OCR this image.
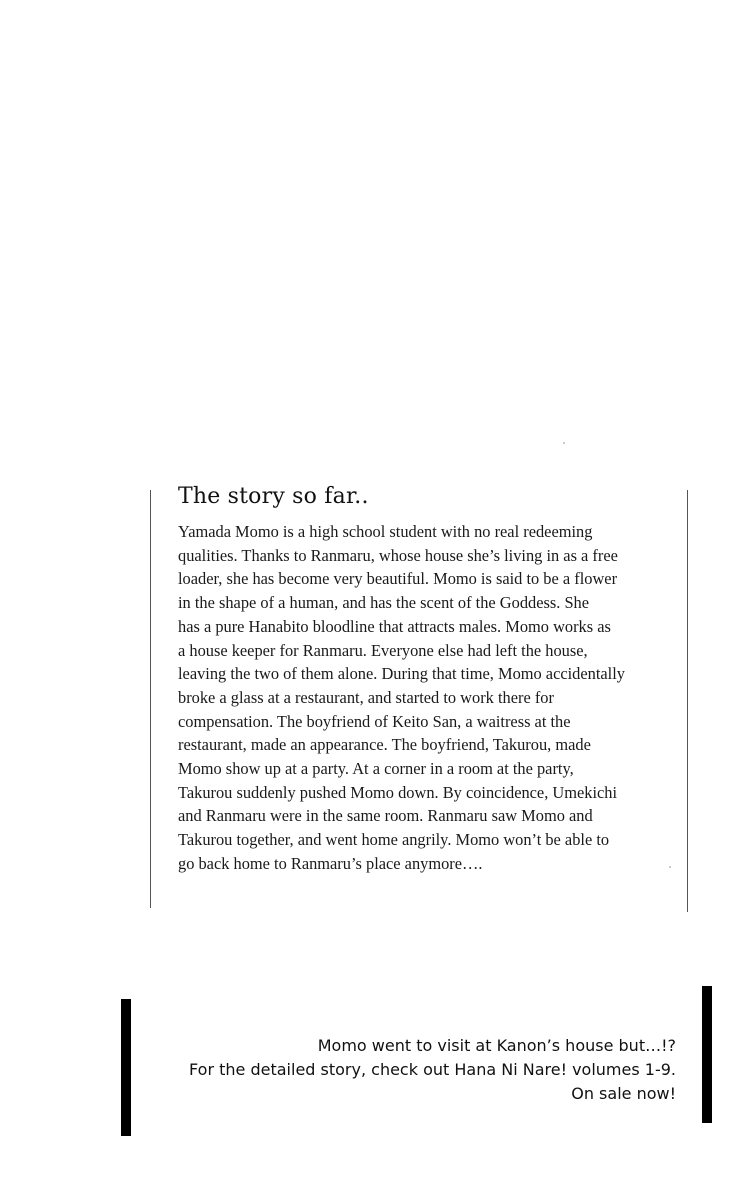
The story so far..

Yamada Momo is a high school student with no real redeeming
qualities. Thanks to Ranmaru, whose house she’s living in as a free
loader, she has become very beautiful. Momo is said to be a flower
in the shape of a human, and has the scent of the Goddess. She
has a pure Hanabito bloodline that attracts males. Momo works as
a house keeper for Ranmaru. Everyone else had left the house,
leaving the two of them alone. During that time, Momo accidentally
broke a glass at a restaurant, and started to work there for
compensation. The boyfriend of Keito San, a waitress at the
restaurant, made an appearance. The boyfriend, Takurou, made
Momo show up at a party. At a corner in a room at the party,
Takurou suddenly pushed Momo down. By coincidence, Umekichi
and Ranmaru were in the same room. Ranmaru saw Momo and
Takurou together, and went home angrily. Momo won’t be able to
go back home to Ranmaru’s place anymore….

Momo went to visit at Kanon’s house but…!?
For the detailed story, check out Hana Ni Nare! volumes 1-9.
On sale now!
